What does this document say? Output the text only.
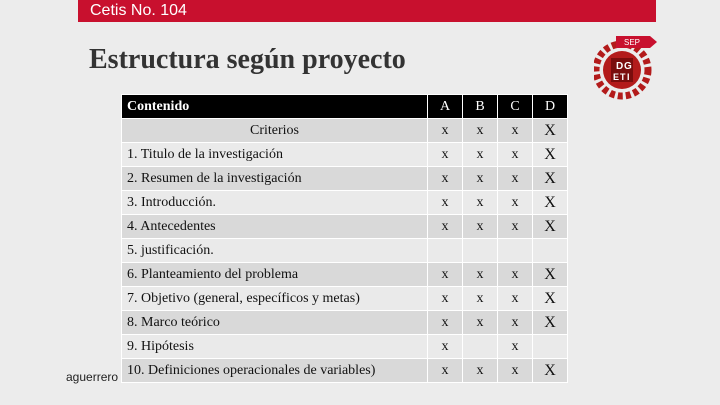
Cetis No. 104
Estructura según proyecto
SEP
D G
E T I
Contenido	A	B	C	D
Criterios	x	x	x	X
1. Titulo de la investigación	x	x	x	X
2. Resumen de la investigación	x	x	x	X
3. Introducción.	x	x	x	X
4. Antecedentes	x	x	x	X
5. justificación.				
6. Planteamiento del problema	x	x	x	X
7. Objetivo (general, específicos y metas)	x	x	x	X
8. Marco teórico	x	x	x	X
9. Hipótesis	x		x	
10. Definiciones operacionales de variables)	x	x	x	X
aguerrero
